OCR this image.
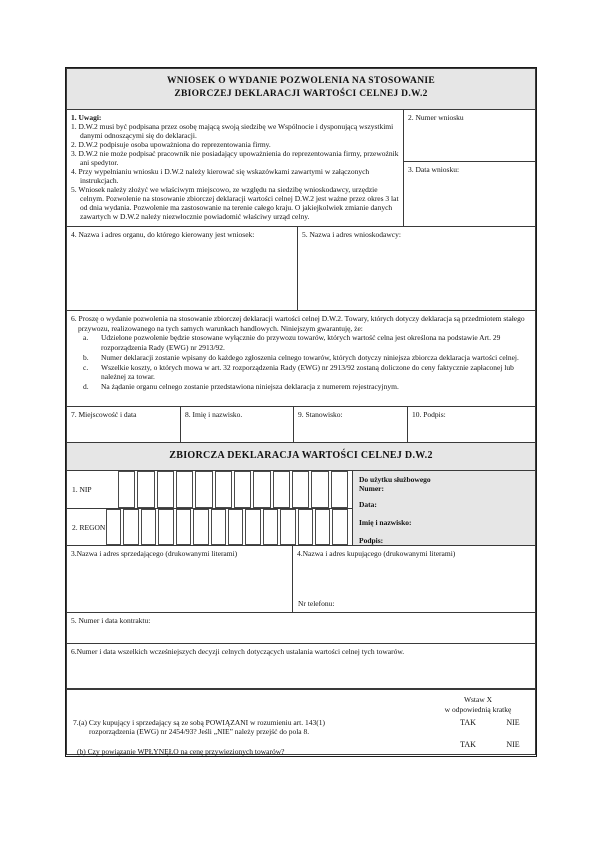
WNIOSEK O WYDANIE POZWOLENIA NA STOSOWANIE
ZBIORCZEJ DEKLARACJI WARTOŚCI CELNEJ D.W.2
1. Uwagi:

1. D.W.2 musi być podpisana przez osobę mającą swoją siedzibę we Wspólnocie i dysponującą wszystkimi danymi odnoszącymi się do deklaracji.

2. D.W.2 podpisuje osoba upoważniona do reprezentowania firmy.

3. D.W.2 nie może podpisać pracownik nie posiadający upoważnienia do reprezentowania firmy, przewoźnik ani spedytor.

4. Przy wypełnianiu wniosku i D.W.2 należy kierować się wskazówkami zawartymi w załączonych instrukcjach.

5. Wniosek należy złożyć we właściwym miejscowo, ze względu na siedzibę wnioskodawcy, urzędzie celnym. Pozwolenie na stosowanie zbiorczej deklaracji wartości celnej D.W.2 jest ważne przez okres 3 lat od dnia wydania. Pozwolenie ma zastosowanie na terenie całego kraju. O jakiejkolwiek zmianie danych zawartych w D.W.2 należy niezwłocznie powiadomić właściwy urząd celny.

2. Numer wniosku
3. Data wniosku:
4. Nazwa i adres organu, do którego kierowany jest wniosek:	5. Nazwa i adres wnioskodawcy:

6. Proszę o wydanie pozwolenia na stosowanie zbiorczej deklaracji wartości celnej D.W.2. Towary, których dotyczy deklaracja są przedmiotem stałego przywozu, realizowanego na tych samych warunkach handlowych. Niniejszym gwarantuję, że:

a. Udzielone pozwolenie będzie stosowane wyłącznie do przywozu towarów, których wartość celna jest określona na podstawie Art. 29 rozporządzenia Rady (EWG) nr 2913/92.

b. Numer deklaracji zostanie wpisany do każdego zgłoszenia celnego towarów, których dotyczy niniejsza zbiorcza deklaracja wartości celnej.

c. Wszelkie koszty, o których mowa w art. 32 rozporządzenia Rady (EWG) nr 2913/92 zostaną doliczone do ceny faktycznie zapłaconej lub należnej za towar.

d. Na żądanie organu celnego zostanie przedstawiona niniejsza deklaracja z numerem rejestracyjnym.

7. Miejscowość i data	8. Imię i nazwisko.	9. Stanowisko:	10. Podpis:
ZBIORCZA DEKLARACJA WARTOŚCI CELNEJ D.W.2
1. NIP
2. REGON
Do użytku służbowego
Numer:
Data:
Imię i nazwisko:
Podpis:
3.Nazwa i adres sprzedającego (drukowanymi literami)	4.Nazwa i adres kupującego (drukowanymi literami)
Nr telefonu:
5. Numer i data kontraktu:
6.Numer i data wszelkich wcześniejszych decyzji celnych dotyczących ustalania wartości celnej tych towarów.
Wstaw X
w odpowiednią kratkę
7.(a) Czy kupujący i sprzedający są ze sobą POWIĄZANI w rozumieniu art. 143(1)
rozporządzenia (EWG) nr 2454/93? Jeśli „NIE” należy przejść do pola 8.
TAK	NIE
TAK	NIE
(b) Czy powiązanie WPŁYNĘŁO na cenę przywiezionych towarów?
